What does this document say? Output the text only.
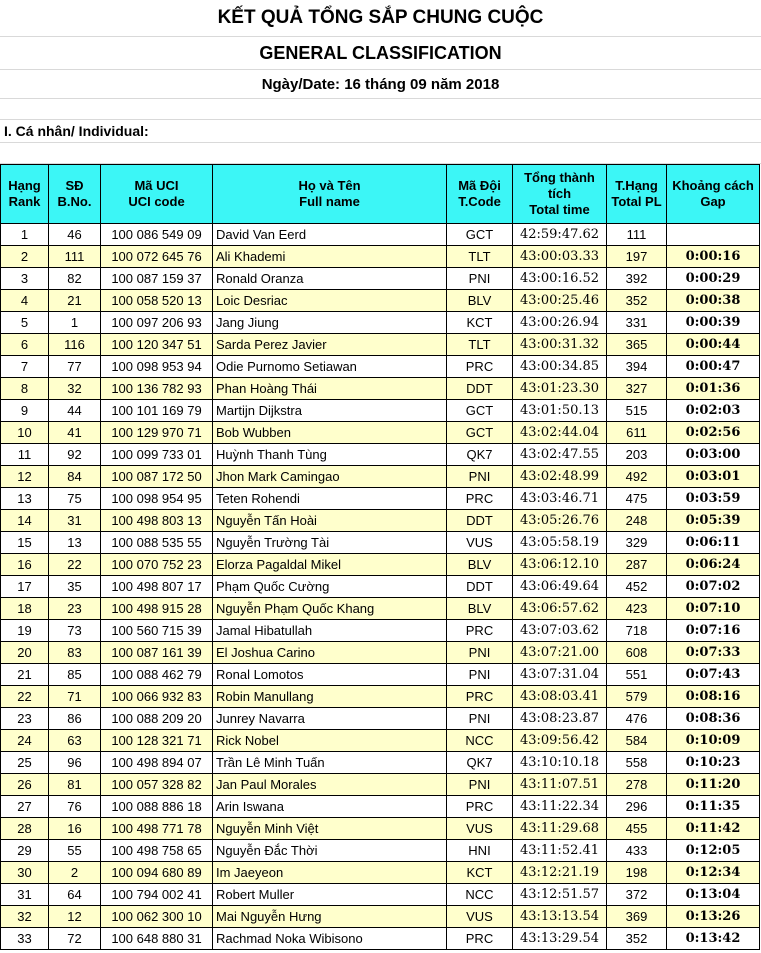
KẾT QUẢ TỔNG SẮP CHUNG CUỘC
GENERAL CLASSIFICATION
Ngày/Date: 16 tháng 09 năm 2018
I. Cá nhân/ Individual:
Hạng
Rank	SĐ
B.No.	Mã UCI
UCI code	Họ và Tên
Full name	Mã Đội
T.Code	Tổng thành
tích
Total time	T.Hạng
Total PL	Khoảng cách
Gap
1	46	100 086 549 09	David Van Eerd	GCT	42:59:47.62	111	
2	111	100 072 645 76	Ali Khademi	TLT	43:00:03.33	197	0:00:16
3	82	100 087 159 37	Ronald Oranza	PNI	43:00:16.52	392	0:00:29
4	21	100 058 520 13	Loic Desriac	BLV	43:00:25.46	352	0:00:38
5	1	100 097 206 93	Jang Jiung	KCT	43:00:26.94	331	0:00:39
6	116	100 120 347 51	Sarda Perez Javier	TLT	43:00:31.32	365	0:00:44
7	77	100 098 953 94	Odie Purnomo Setiawan	PRC	43:00:34.85	394	0:00:47
8	32	100 136 782 93	Phan Hoàng Thái	DDT	43:01:23.30	327	0:01:36
9	44	100 101 169 79	Martijn Dijkstra	GCT	43:01:50.13	515	0:02:03
10	41	100 129 970 71	Bob Wubben	GCT	43:02:44.04	611	0:02:56
11	92	100 099 733 01	Huỳnh Thanh Tùng	QK7	43:02:47.55	203	0:03:00
12	84	100 087 172 50	Jhon Mark Camingao	PNI	43:02:48.99	492	0:03:01
13	75	100 098 954 95	Teten Rohendi	PRC	43:03:46.71	475	0:03:59
14	31	100 498 803 13	Nguyễn Tấn Hoài	DDT	43:05:26.76	248	0:05:39
15	13	100 088 535 55	Nguyễn Trường Tài	VUS	43:05:58.19	329	0:06:11
16	22	100 070 752 23	Elorza Pagaldal Mikel	BLV	43:06:12.10	287	0:06:24
17	35	100 498 807 17	Phạm Quốc Cường	DDT	43:06:49.64	452	0:07:02
18	23	100 498 915 28	Nguyễn Phạm Quốc Khang	BLV	43:06:57.62	423	0:07:10
19	73	100 560 715 39	Jamal Hibatullah	PRC	43:07:03.62	718	0:07:16
20	83	100 087 161 39	El Joshua Carino	PNI	43:07:21.00	608	0:07:33
21	85	100 088 462 79	Ronal Lomotos	PNI	43:07:31.04	551	0:07:43
22	71	100 066 932 83	Robin Manullang	PRC	43:08:03.41	579	0:08:16
23	86	100 088 209 20	Junrey Navarra	PNI	43:08:23.87	476	0:08:36
24	63	100 128 321 71	Rick Nobel	NCC	43:09:56.42	584	0:10:09
25	96	100 498 894 07	Trần Lê Minh Tuấn	QK7	43:10:10.18	558	0:10:23
26	81	100 057 328 82	Jan Paul Morales	PNI	43:11:07.51	278	0:11:20
27	76	100 088 886 18	Arin Iswana	PRC	43:11:22.34	296	0:11:35
28	16	100 498 771 78	Nguyễn Minh Việt	VUS	43:11:29.68	455	0:11:42
29	55	100 498 758 65	Nguyễn Đắc Thời	HNI	43:11:52.41	433	0:12:05
30	2	100 094 680 89	Im Jaeyeon	KCT	43:12:21.19	198	0:12:34
31	64	100 794 002 41	Robert Muller	NCC	43:12:51.57	372	0:13:04
32	12	100 062 300 10	Mai Nguyễn Hưng	VUS	43:13:13.54	369	0:13:26
33	72	100 648 880 31	Rachmad Noka Wibisono	PRC	43:13:29.54	352	0:13:42
